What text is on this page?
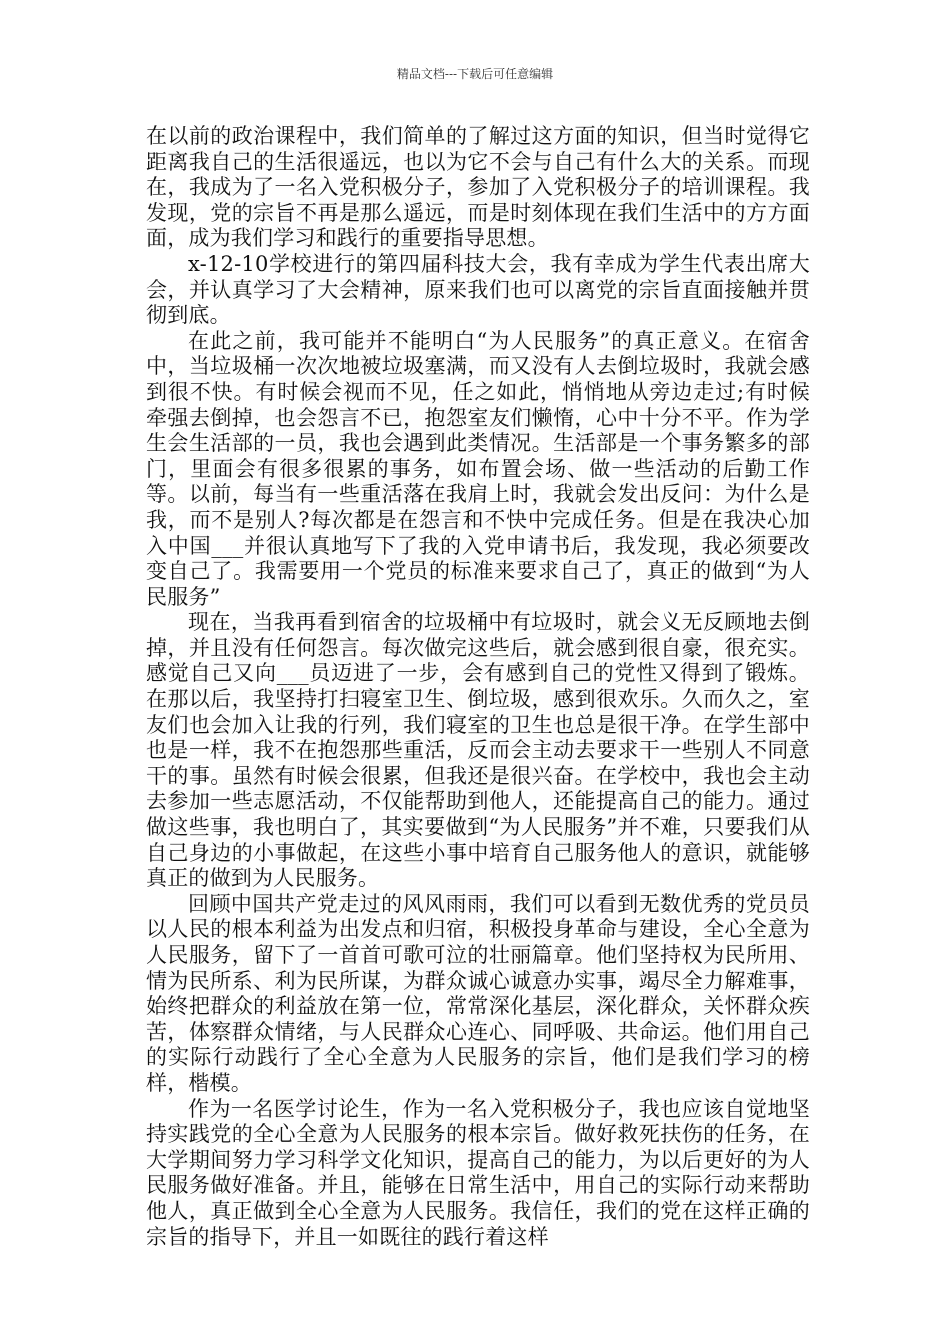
精品文档---下载后可任意编辑

在以前的政治课程中，我们简单的了解过这方面的知识，但当时觉得它距离我自己的生活很遥远，也以为它不会与自己有什么大的关系。而现在，我成为了一名入党积极分子，参加了入党积极分子的培训课程。我发现，党的宗旨不再是那么遥远，而是时刻体现在我们生活中的方方面面，成为我们学习和践行的重要指导思想。

x-12-10学校进行的第四届科技大会，我有幸成为学生代表出席大会，并认真学习了大会精神，原来我们也可以离党的宗旨直面接触并贯彻到底。

在此之前，我可能并不能明白“为人民服务”的真正意义。在宿舍中，当垃圾桶一次次地被垃圾塞满，而又没有人去倒垃圾时，我就会感到很不快。有时候会视而不见，任之如此，悄悄地从旁边走过;有时候牵强去倒掉，也会怨言不已，抱怨室友们懒惰，心中十分不平。作为学生会生活部的一员，我也会遇到此类情况。生活部是一个事务繁多的部门，里面会有很多很累的事务，如布置会场、做一些活动的后勤工作等。以前，每当有一些重活落在我肩上时，我就会发出反问：为什么是我，而不是别人?每次都是在怨言和不快中完成任务。但是在我决心加入中国___并很认真地写下了我的入党申请书后，我发现，我必须要改变自己了。我需要用一个党员的标准来要求自己了，真正的做到“为人民服务”

现在，当我再看到宿舍的垃圾桶中有垃圾时，就会义无反顾地去倒掉，并且没有任何怨言。每次做完这些后，就会感到很自豪，很充实。感觉自己又向___员迈进了一步，会有感到自己的党性又得到了锻炼。在那以后，我坚持打扫寝室卫生、倒垃圾，感到很欢乐。久而久之，室友们也会加入让我的行列，我们寝室的卫生也总是很干净。在学生部中也是一样，我不在抱怨那些重活，反而会主动去要求干一些别人不同意干的事。虽然有时候会很累，但我还是很兴奋。在学校中，我也会主动去参加一些志愿活动，不仅能帮助到他人，还能提高自己的能力。通过做这些事，我也明白了，其实要做到“为人民服务”并不难，只要我们从自己身边的小事做起，在这些小事中培育自己服务他人的意识，就能够真正的做到为人民服务。

回顾中国共产党走过的风风雨雨，我们可以看到无数优秀的党员员以人民的根本利益为出发点和归宿，积极投身革命与建设，全心全意为人民服务，留下了一首首可歌可泣的壮丽篇章。他们坚持权为民所用、情为民所系、利为民所谋，为群众诚心诚意办实事，竭尽全力解难事，始终把群众的利益放在第一位，常常深化基层，深化群众，关怀群众疾苦，体察群众情绪，与人民群众心连心、同呼吸、共命运。他们用自己的实际行动践行了全心全意为人民服务的宗旨，他们是我们学习的榜样，楷模。

作为一名医学讨论生，作为一名入党积极分子，我也应该自觉地坚持实践党的全心全意为人民服务的根本宗旨。做好救死扶伤的任务，在大学期间努力学习科学文化知识，提高自己的能力，为以后更好的为人民服务做好准备。并且，能够在日常生活中，用自己的实际行动来帮助他人，真正做到全心全意为人民服务。我信任，我们的党在这样正确的宗旨的指导下，并且一如既往的践行着这样
